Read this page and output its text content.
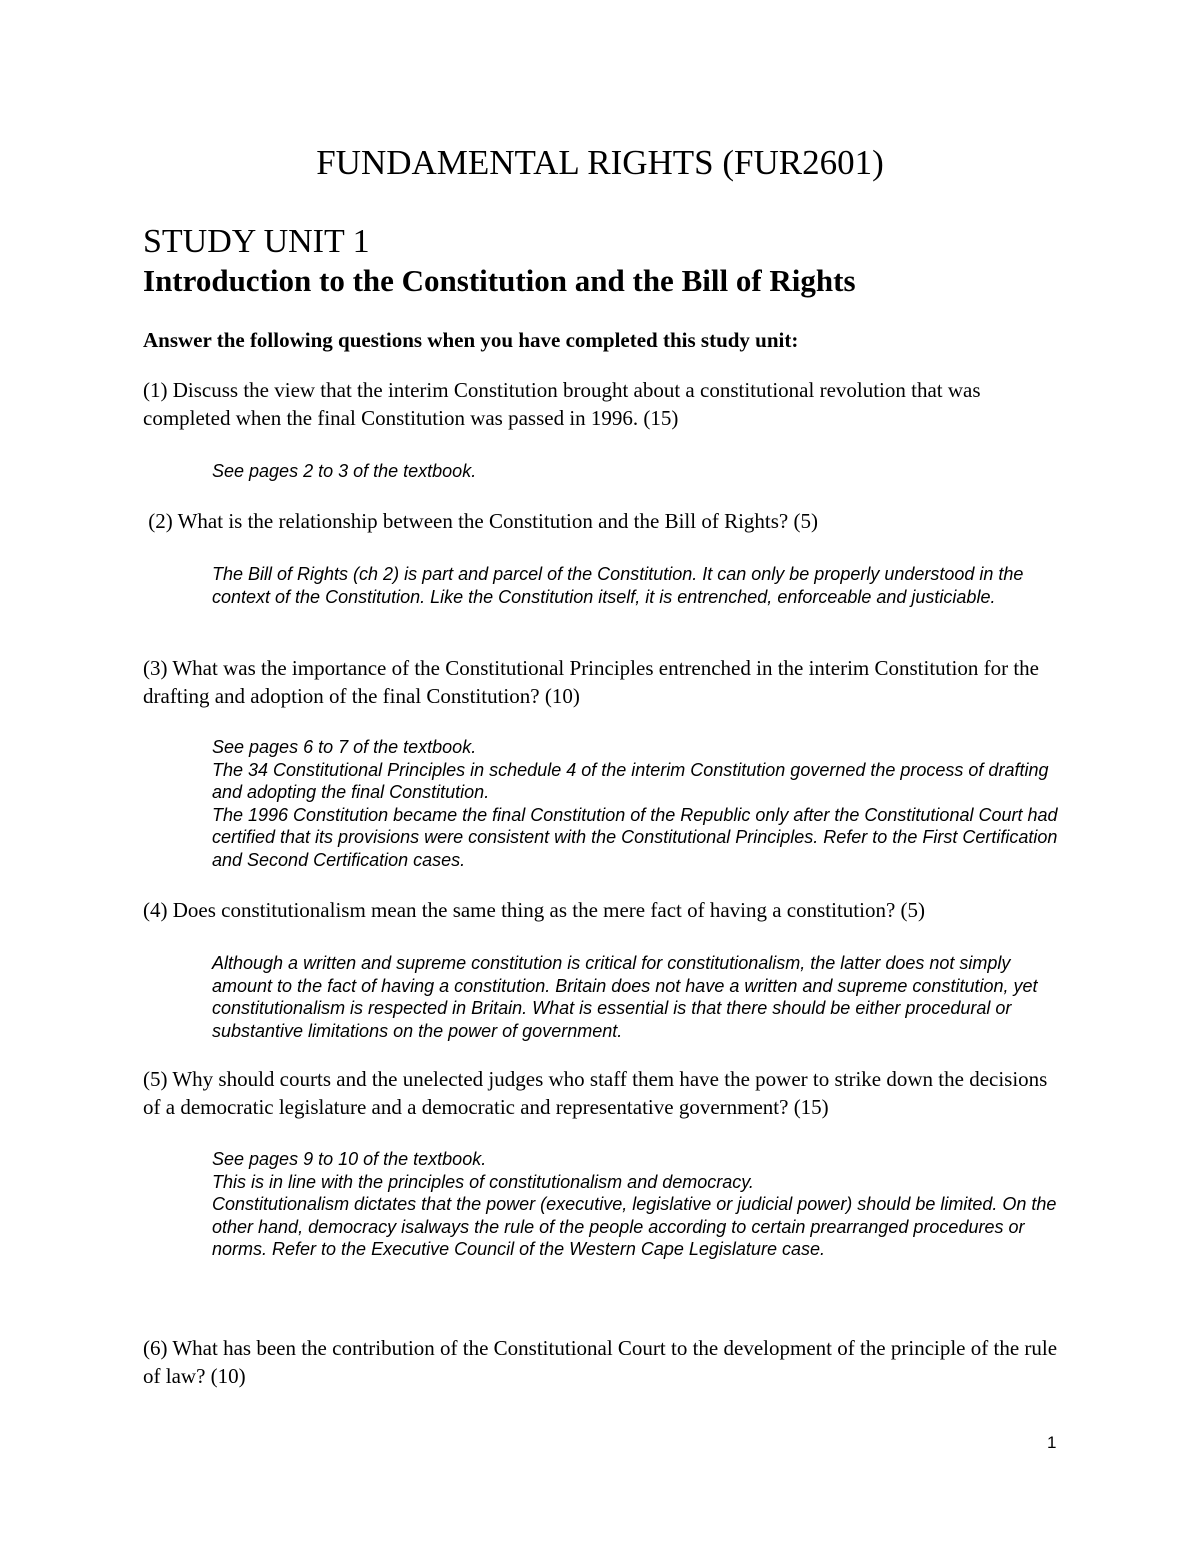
FUNDAMENTAL RIGHTS (FUR2601)
STUDY UNIT 1
Introduction to the Constitution and the Bill of Rights
Answer the following questions when you have completed this study unit:
(1) Discuss the view that the interim Constitution brought about a constitutional revolution that was completed when the final Constitution was passed in 1996. (15)
See pages 2 to 3 of the textbook.
(2) What is the relationship between the Constitution and the Bill of Rights? (5)
The Bill of Rights (ch 2) is part and parcel of the Constitution. It can only be properly understood in the context of the Constitution. Like the Constitution itself, it is entrenched, enforceable and justiciable.
(3) What was the importance of the Constitutional Principles entrenched in the interim Constitution for the drafting and adoption of the final Constitution? (10)
See pages 6 to 7 of the textbook.
The 34 Constitutional Principles in schedule 4 of the interim Constitution governed the process of drafting and adopting the final Constitution.
The 1996 Constitution became the final Constitution of the Republic only after the Constitutional Court had certified that its provisions were consistent with the Constitutional Principles. Refer to the First Certification and Second Certification cases.
(4) Does constitutionalism mean the same thing as the mere fact of having a constitution? (5)
Although a written and supreme constitution is critical for constitutionalism, the latter does not simply amount to the fact of having a constitution. Britain does not have a written and supreme constitution, yet constitutionalism is respected in Britain. What is essential is that there should be either procedural or substantive limitations on the power of government.
(5) Why should courts and the unelected judges who staff them have the power to strike down the decisions of a democratic legislature and a democratic and representative government? (15)
See pages 9 to 10 of the textbook.
This is in line with the principles of constitutionalism and democracy.
Constitutionalism dictates that the power (executive, legislative or judicial power) should be limited. On the other hand, democracy isalways the rule of the people according to certain prearranged procedures or norms. Refer to the Executive Council of the Western Cape Legislature case.
(6) What has been the contribution of the Constitutional Court to the development of the principle of the rule of law? (10)
1
